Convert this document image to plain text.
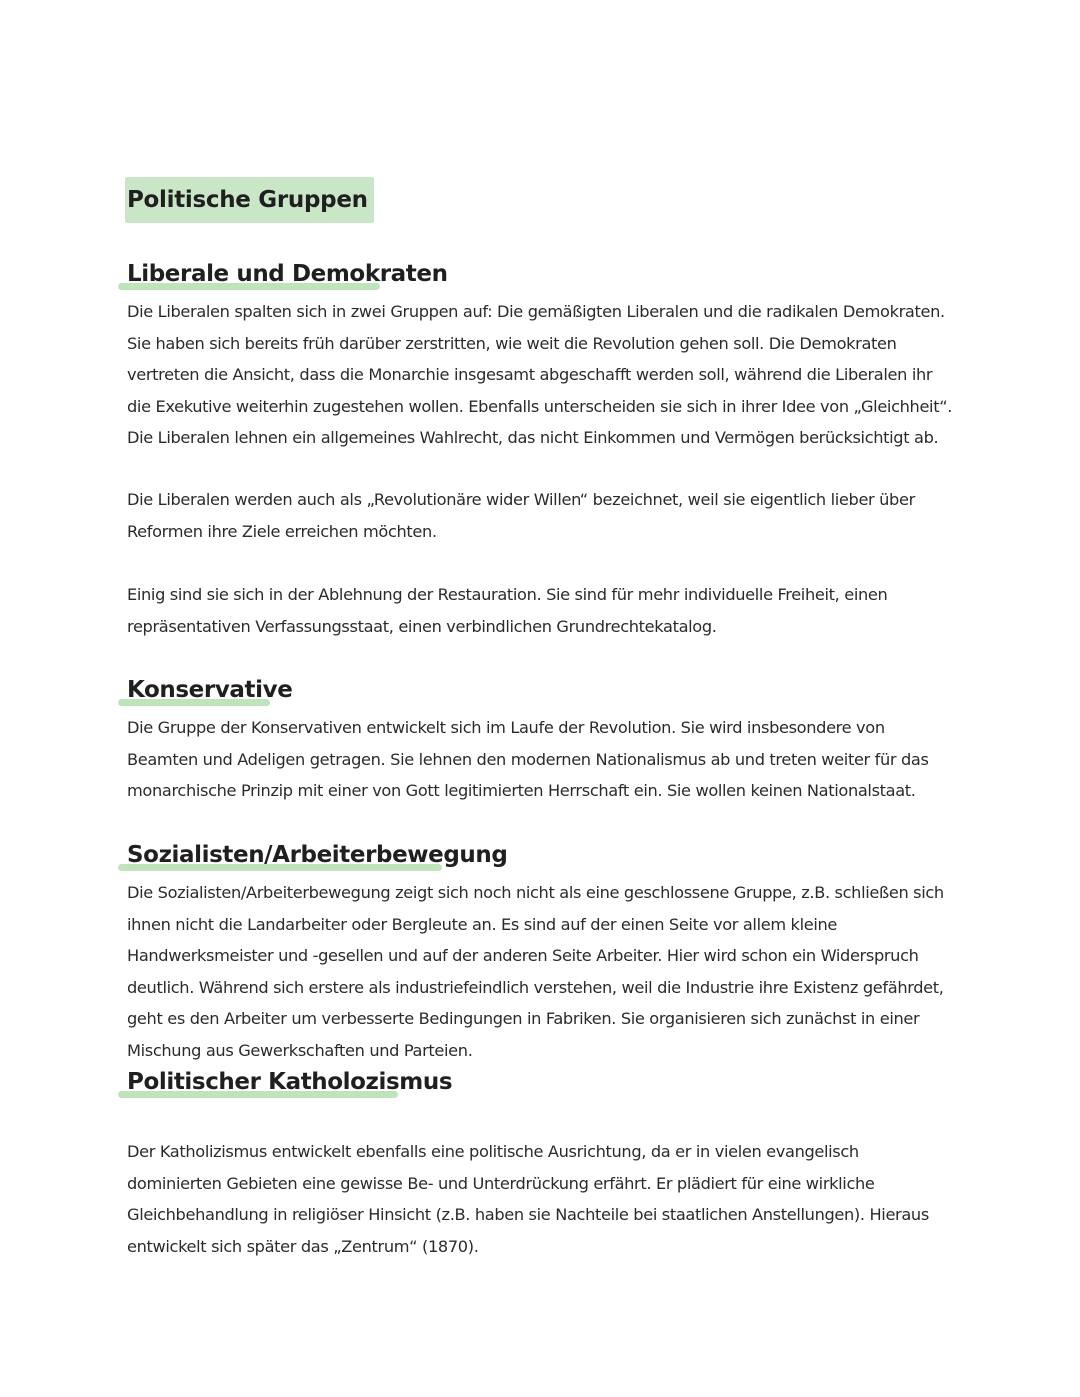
Politische Gruppen
Liberale und Demokraten

Die Liberalen spalten sich in zwei Gruppen auf: Die gemäßigten Liberalen und die radikalen Demokraten. Sie haben sich bereits früh darüber zerstritten, wie weit die Revolution gehen soll. Die Demokraten vertreten die Ansicht, dass die Monarchie insgesamt abgeschafft werden soll, während die Liberalen ihr die Exekutive weiterhin zugestehen wollen. Ebenfalls unterscheiden sie sich in ihrer Idee von „Gleichheit“. Die Liberalen lehnen ein allgemeines Wahlrecht, das nicht Einkommen und Vermögen berücksichtigt ab.

Die Liberalen werden auch als „Revolutionäre wider Willen“ bezeichnet, weil sie eigentlich lieber über Reformen ihre Ziele erreichen möchten.

Einig sind sie sich in der Ablehnung der Restauration. Sie sind für mehr individuelle Freiheit, einen repräsentativen Verfassungsstaat, einen verbindlichen Grundrechtekatalog.

Konservative

Die Gruppe der Konservativen entwickelt sich im Laufe der Revolution. Sie wird insbesondere von Beamten und Adeligen getragen. Sie lehnen den modernen Nationalismus ab und treten weiter für das monarchische Prinzip mit einer von Gott legitimierten Herrschaft ein. Sie wollen keinen Nationalstaat.

Sozialisten/Arbeiterbewegung

Die Sozialisten/Arbeiterbewegung zeigt sich noch nicht als eine geschlossene Gruppe, z.B. schließen sich ihnen nicht die Landarbeiter oder Bergleute an. Es sind auf der einen Seite vor allem kleine Handwerksmeister und -gesellen und auf der anderen Seite Arbeiter. Hier wird schon ein Widerspruch deutlich. Während sich erstere als industriefeindlich verstehen, weil die Industrie ihre Existenz gefährdet, geht es den Arbeiter um verbesserte Bedingungen in Fabriken. Sie organisieren sich zunächst in einer Mischung aus Gewerkschaften und Parteien.

Politischer Katholozismus

Der Katholizismus entwickelt ebenfalls eine politische Ausrichtung, da er in vielen evangelisch dominierten Gebieten eine gewisse Be- und Unterdrückung erfährt. Er plädiert für eine wirkliche Gleichbehandlung in religiöser Hinsicht (z.B. haben sie Nachteile bei staatlichen Anstellungen). Hieraus entwickelt sich später das „Zentrum“ (1870).
